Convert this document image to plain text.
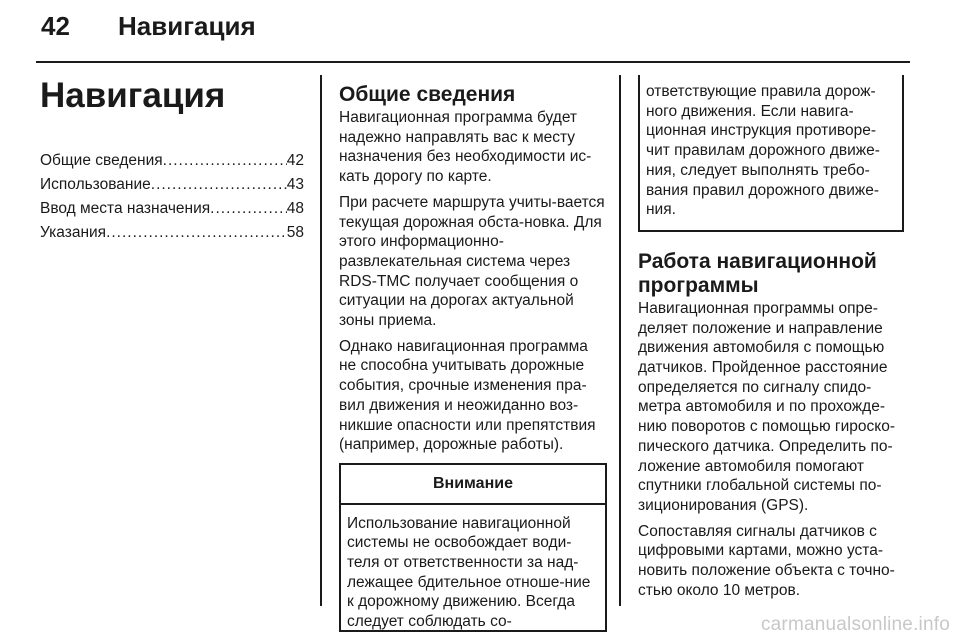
42 Навигация
Навигация
Общие сведения .....	42
Использование .....	43
Ввод места назначения .....	48
Указания .....	58
Общие сведения

Навигационная программа будет надежно направлять вас к месту назначения без необходимости ис-кать дорогу по карте.

При расчете маршрута учиты-вается текущая дорожная обста-новка. Для этого информационно-развлекательная система через RDS-TMC получает сообщения о ситуации на дорогах актуальной зоны приема.

Однако навигационная программа не способна учитывать дорожные события, срочные изменения пра-вил движения и неожиданно воз-никшие опасности или препятствия (например, дорожные работы).

Внимание
Использование навигационной системы не освобождает води-теля от ответственности за над-лежащее бдительное отноше-ние к дорожному движению. Всегда следует соблюдать со-
ответствующие правила дорож-ного движения. Если навига-ционная инструкция противоре-чит правилам дорожного движе-ния, следует выполнять требо-вания правил дорожного движе-ния.
Работа навигационной программы

Навигационная программы опре-деляет положение и направление движения автомобиля с помощью датчиков. Пройденное расстояние определяется по сигналу спидо-метра автомобиля и по прохожде-нию поворотов с помощью гироско-пического датчика. Определить по-ложение автомобиля помогают спутники глобальной системы по-зиционирования (GPS).

Сопоставляя сигналы датчиков с цифровыми картами, можно уста-новить положение объекта с точно-стью около 10 метров.

carmanualsonline.info
